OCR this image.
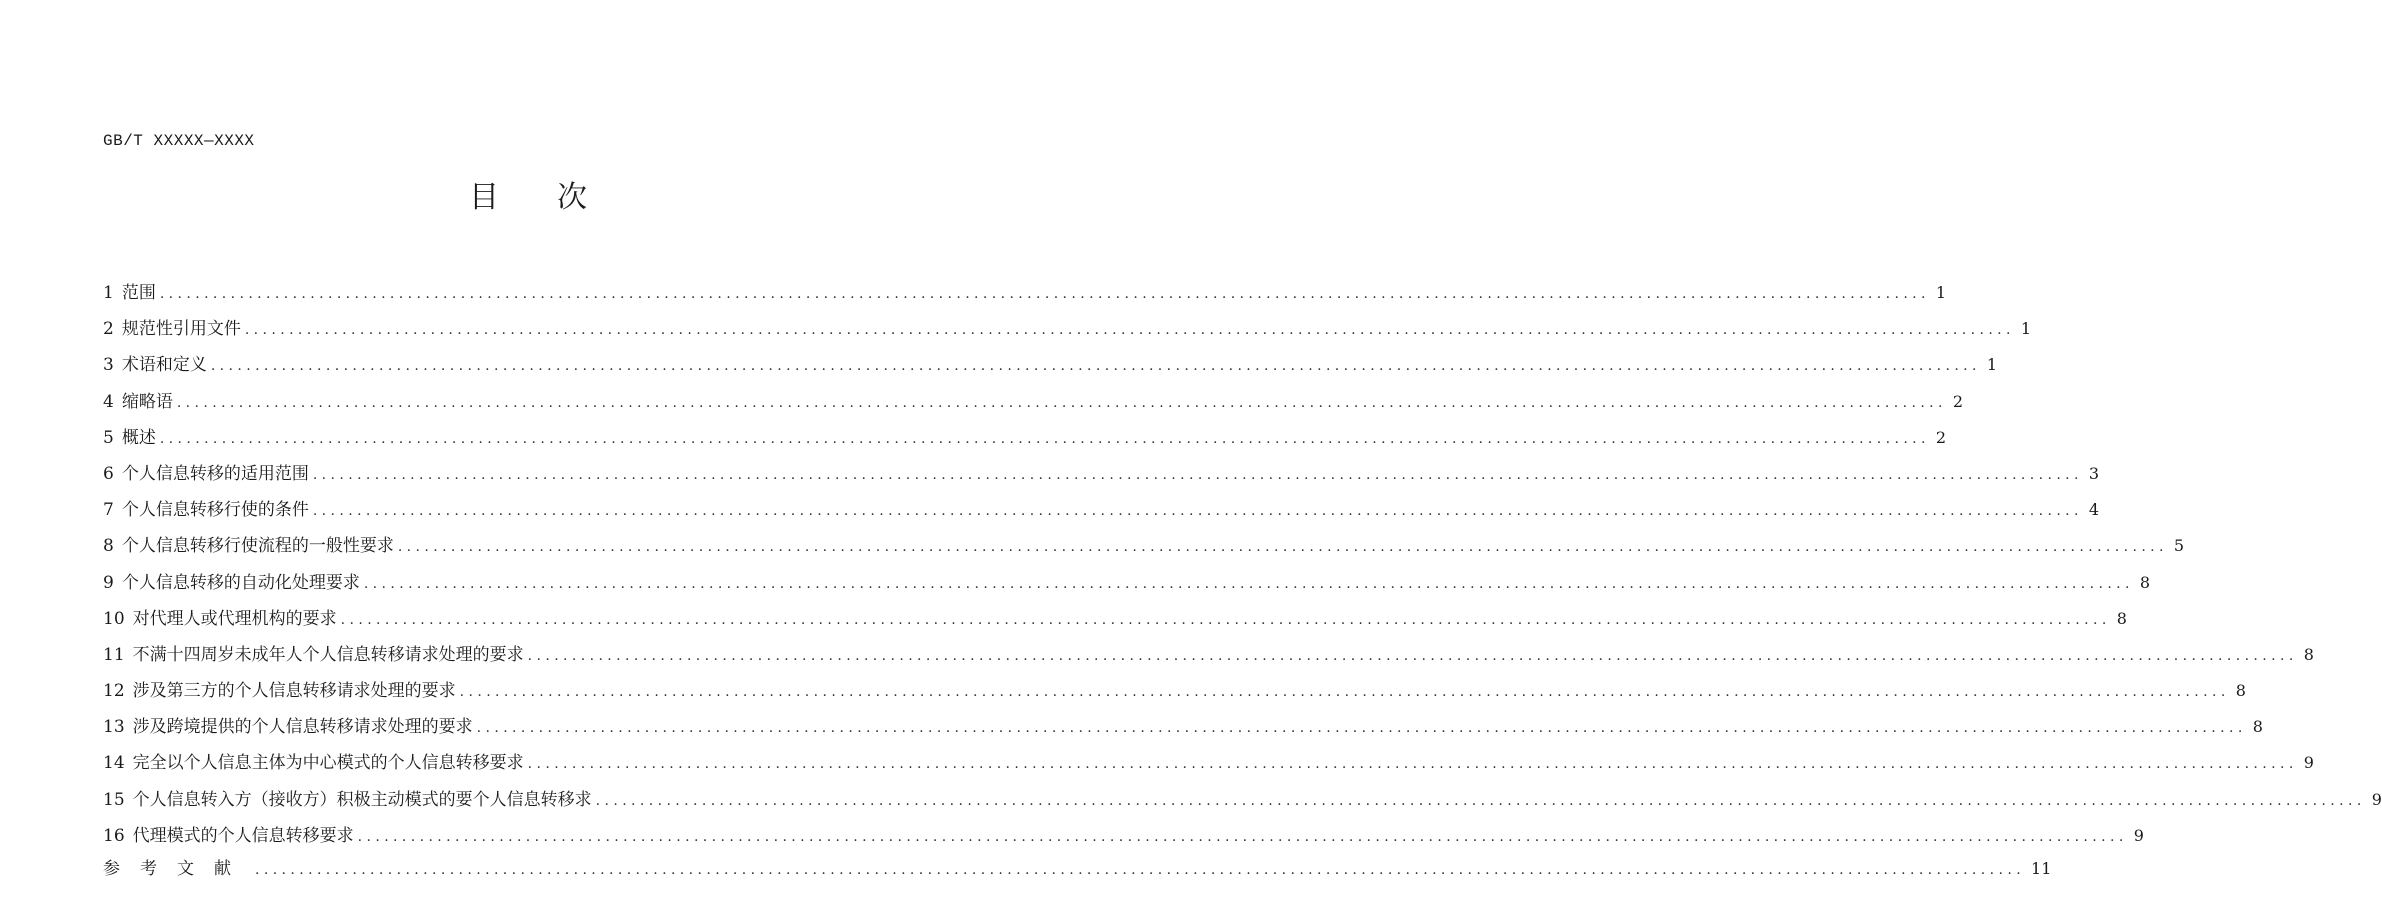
GB/T XXXXX—XXXX
目次
1 范围 ........................................................................................................................................................................................................ 1
2 规范性引用文件 ........................................................................................................................................................................................................ 1
3 术语和定义 ........................................................................................................................................................................................................ 1
4 缩略语 ........................................................................................................................................................................................................ 2
5 概述 ........................................................................................................................................................................................................ 2
6 个人信息转移的适用范围 ........................................................................................................................................................................................................ 3
7 个人信息转移行使的条件 ........................................................................................................................................................................................................ 4
8 个人信息转移行使流程的一般性要求 ........................................................................................................................................................................................................ 5
9 个人信息转移的自动化处理要求 ........................................................................................................................................................................................................ 8
10 对代理人或代理机构的要求 ........................................................................................................................................................................................................ 8
11 不满十四周岁未成年人个人信息转移请求处理的要求 ........................................................................................................................................................................................................ 8
12 涉及第三方的个人信息转移请求处理的要求 ........................................................................................................................................................................................................ 8
13 涉及跨境提供的个人信息转移请求处理的要求 ........................................................................................................................................................................................................ 8
14 完全以个人信息主体为中心模式的个人信息转移要求 ........................................................................................................................................................................................................ 9
15 个人信息转入方（接收方）积极主动模式的要个人信息转移求 ........................................................................................................................................................................................................ 9
16 代理模式的个人信息转移要求 ........................................................................................................................................................................................................ 9
参考文献 ........................................................................................................................................................................................................ 11
